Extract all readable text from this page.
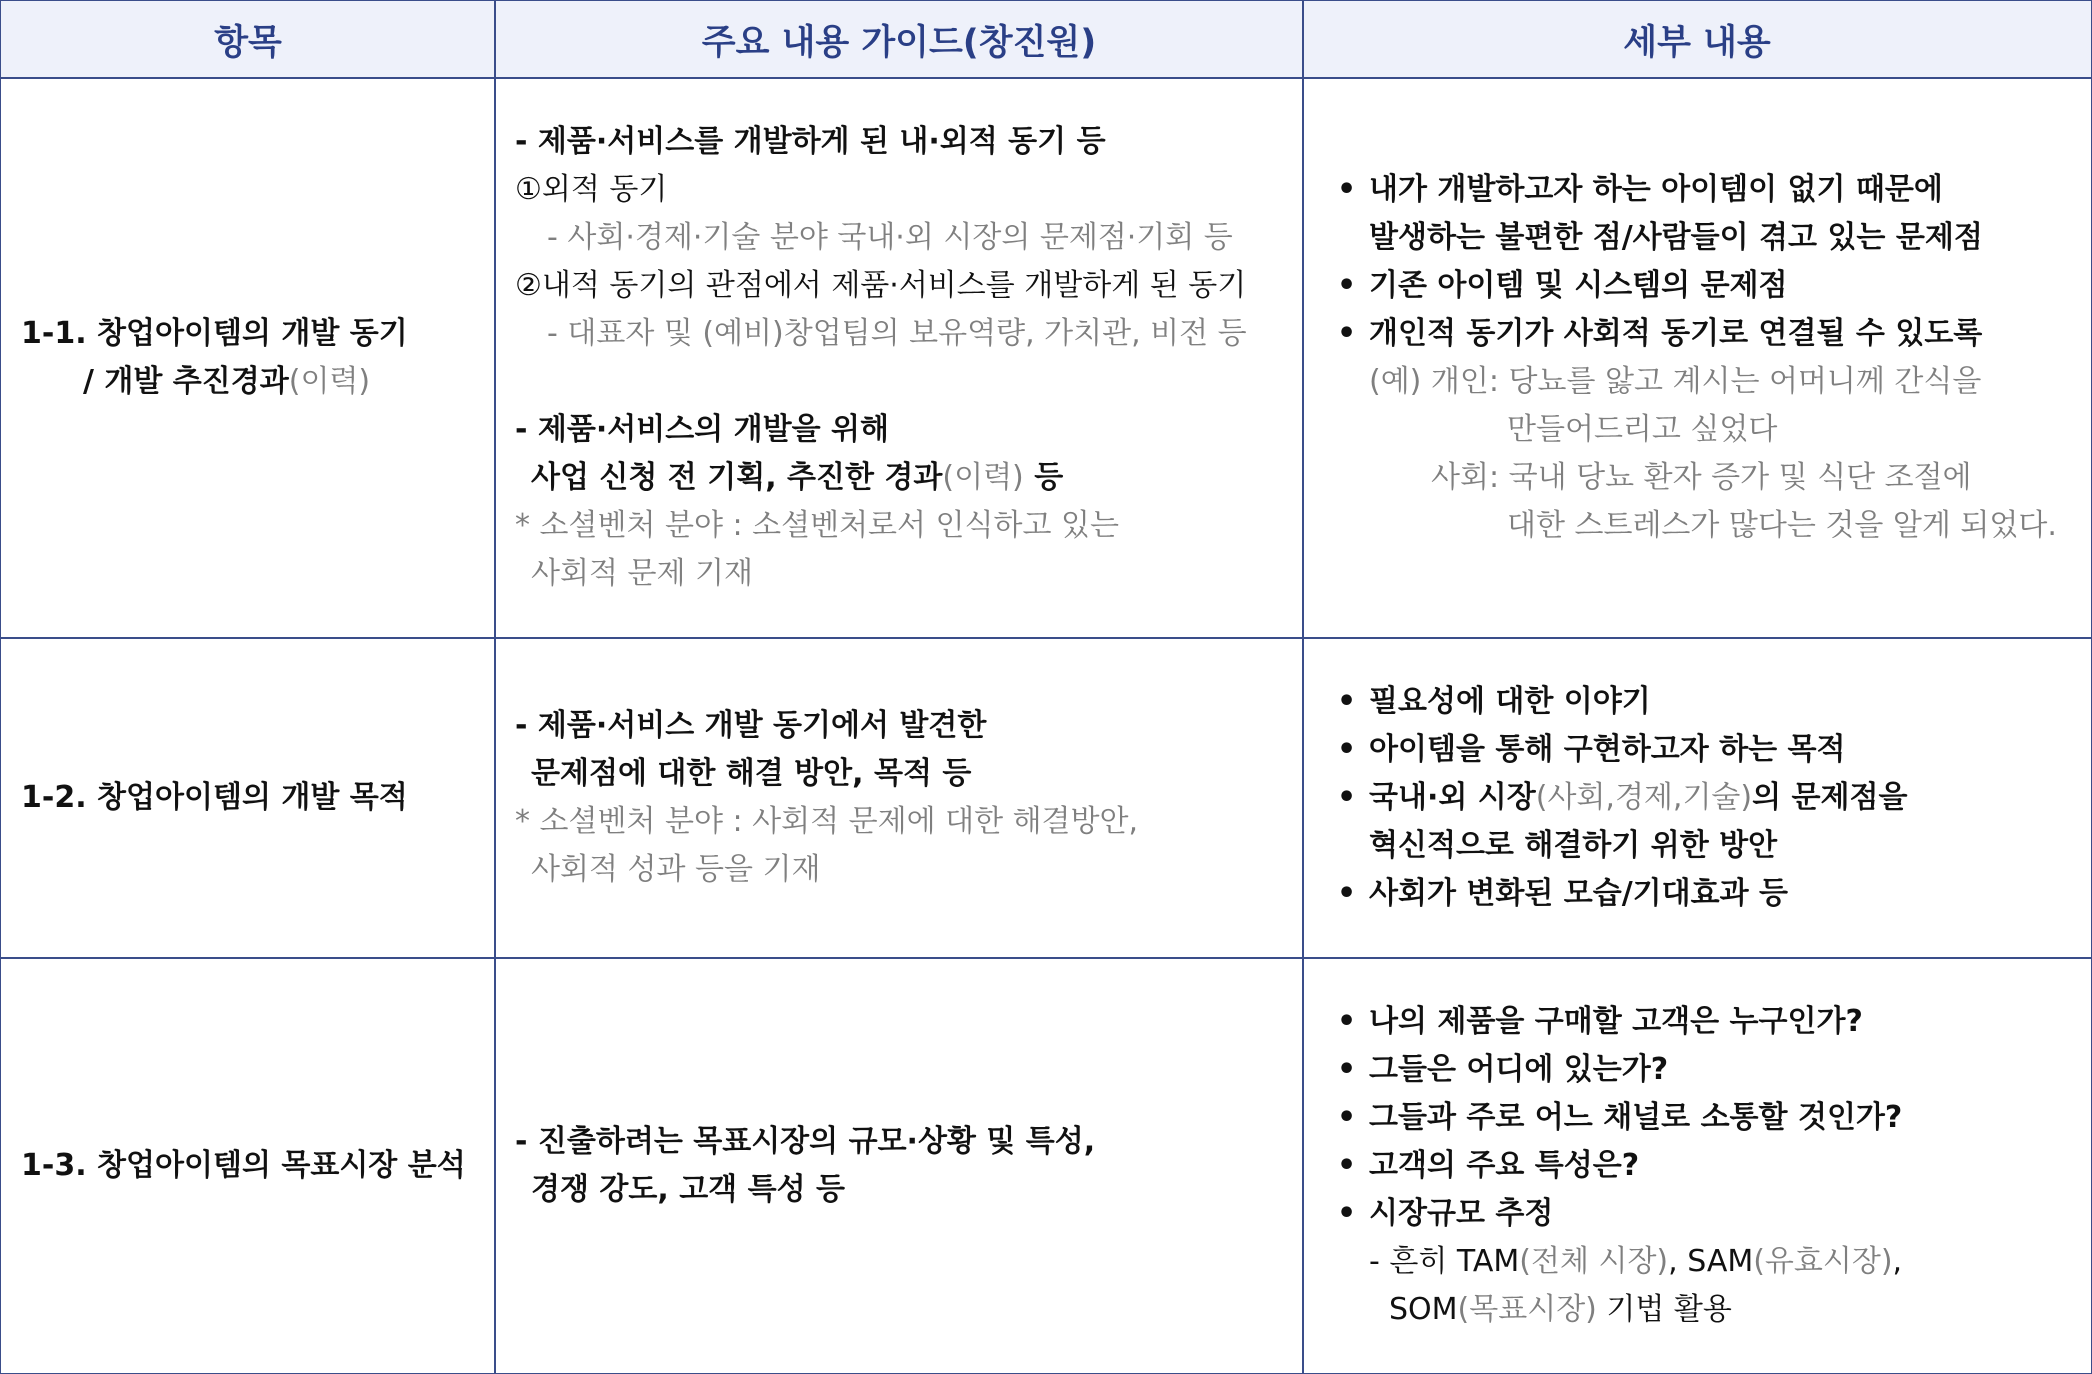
항목	주요 내용 가이드(창진원)	세부 내용
1-1. 창업아이템의 개발 동기
/ 개발 추진경과(이력)
- 제품·서비스를 개발하게 된 내·외적 동기 등
①외적 동기
- 사회·경제·기술 분야 국내·외 시장의 문제점·기회 등
②내적 동기의 관점에서 제품·서비스를 개발하게 된 동기
- 대표자 및 (예비)창업팀의 보유역량, 가치관, 비전 등
- 제품·서비스의 개발을 위해
사업 신청 전 기획, 추진한 경과(이력) 등
* 소셜벤처 분야 : 소셜벤처로서 인식하고 있는
사회적 문제 기재
• 내가 개발하고자 하는 아이템이 없기 때문에
발생하는 불편한 점/사람들이 겪고 있는 문제점
• 기존 아이템 및 시스템의 문제점
• 개인적 동기가 사회적 동기로 연결될 수 있도록
(예) 개인: 당뇨를 앓고 계시는 어머니께 간식을
만들어드리고 싶었다
사회: 국내 당뇨 환자 증가 및 식단 조절에
대한 스트레스가 많다는 것을 알게 되었다.
1-2. 창업아이템의 개발 목적
- 제품·서비스 개발 동기에서 발견한
문제점에 대한 해결 방안, 목적 등
* 소셜벤처 분야 : 사회적 문제에 대한 해결방안,
사회적 성과 등을 기재
• 필요성에 대한 이야기
• 아이템을 통해 구현하고자 하는 목적
• 국내·외 시장(사회,경제,기술)의 문제점을
혁신적으로 해결하기 위한 방안
• 사회가 변화된 모습/기대효과 등
1-3. 창업아이템의 목표시장 분석
- 진출하려는 목표시장의 규모·상황 및 특성,
경쟁 강도, 고객 특성 등
• 나의 제품을 구매할 고객은 누구인가?
• 그들은 어디에 있는가?
• 그들과 주로 어느 채널로 소통할 것인가?
• 고객의 주요 특성은?
• 시장규모 추정
- 흔히 TAM(전체 시장), SAM(유효시장),
SOM(목표시장) 기법 활용
